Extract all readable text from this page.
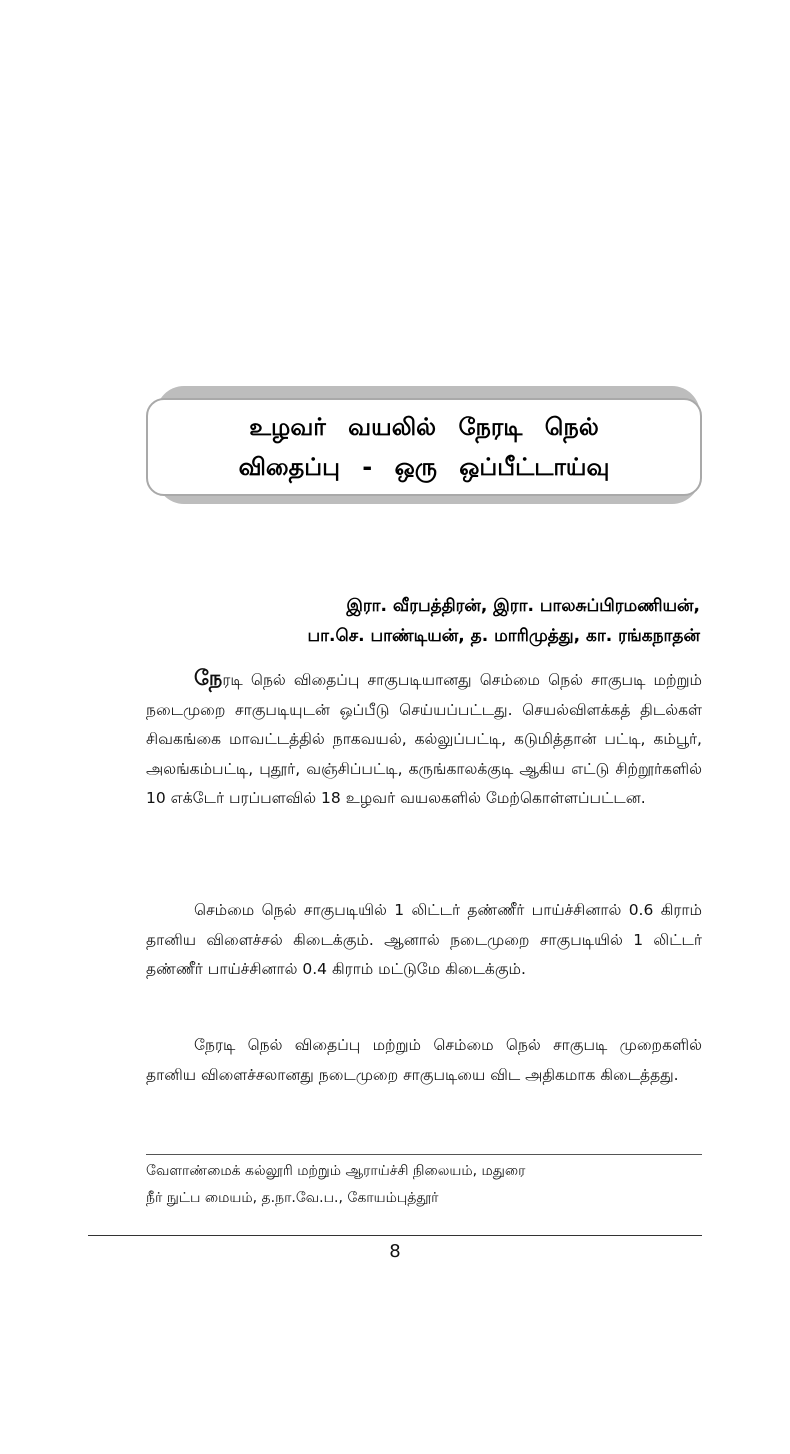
உழவர் வயலில் நேரடி நெல்
விதைப்பு - ஒரு ஒப்பீட்டாய்வு
இரா. வீரபத்திரன், இரா. பாலசுப்பிரமணியன்,
பா.செ. பாண்டியன், த. மாரிமுத்து, கா. ரங்கநாதன்

நேரடி நெல் விதைப்பு சாகுபடியானது செம்மை நெல் சாகுபடி மற்றும் நடைமுறை சாகுபடியுடன் ஒப்பீடு செய்யப்பட்டது. செயல்விளக்கத் திடல்கள் சிவகங்கை மாவட்டத்தில் நாகவயல், கல்லுப்பட்டி, கடுமித்தான் பட்டி, கம்பூர், அலங்கம்பட்டி, புதூர், வஞ்சிப்பட்டி, கருங்காலக்குடி ஆகிய எட்டு சிற்றூர்களில் 10 எக்டேர் பரப்பளவில் 18 உழவர் வயலகளில் மேற்கொள்ளப்பட்டன.

செம்மை நெல் சாகுபடியில் 1 லிட்டர் தண்ணீர் பாய்ச்சினால் 0.6 கிராம் தானிய விளைச்சல் கிடைக்கும். ஆனால் நடைமுறை சாகுபடியில் 1 லிட்டர் தண்ணீர் பாய்ச்சினால் 0.4 கிராம் மட்டுமே கிடைக்கும்.

நேரடி நெல் விதைப்பு மற்றும் செம்மை நெல் சாகுபடி முறைகளில் தானிய விளைச்சலானது நடைமுறை சாகுபடியை விட அதிகமாக கிடைத்தது.

வேளாண்மைக் கல்லூரி மற்றும் ஆராய்ச்சி நிலையம், மதுரை
நீர் நுட்ப மையம், த.நா.வே.ப., கோயம்புத்தூர்
8
